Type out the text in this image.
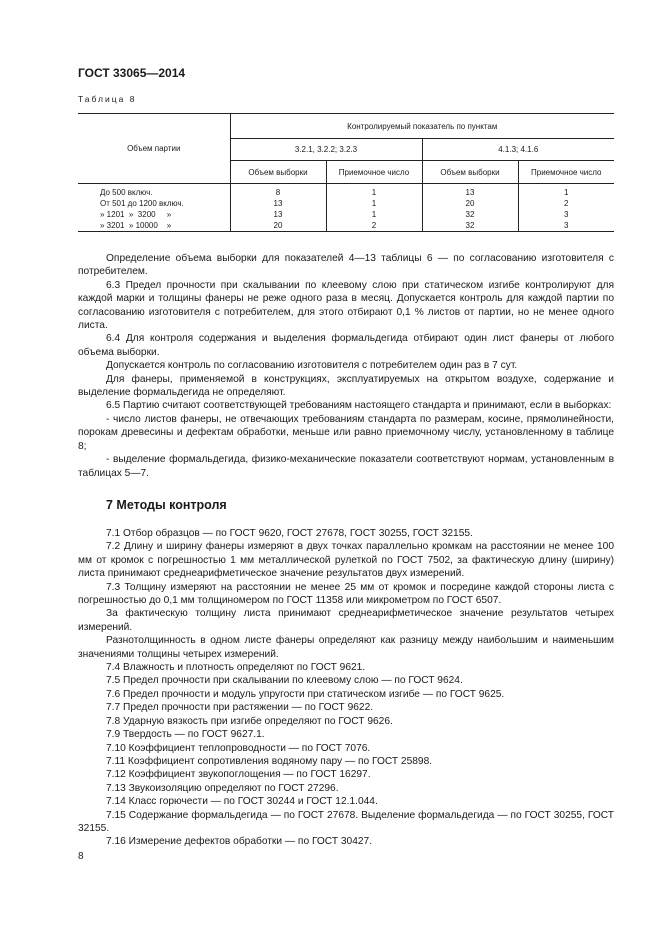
ГОСТ 33065—2014
Таблица 8
Объем партии	Контролируемый показатель по пунктам			
	3.2.1, 3.2.2; 3.2.3		4.1.3; 4.1.6	
	Объем выборки	Приемочное число	Объем выборки	Приемочное число

До 500 включ.	8	1	13	1
От 501 до 1200 включ.	13	1	20	2
» 1201  »  3200     »	13	1	32	3
» 3201  » 10000    »	20	2	32	3

Определение объема выборки для показателей 4—13 таблицы 6 — по согласованию изготовителя с потребителем.

6.3 Предел прочности при скалывании по клеевому слою при статическом изгибе контролируют для каждой марки и толщины фанеры не реже одного раза в месяц. Допускается контроль для каждой партии по согласованию изготовителя с потребителем, для этого отбирают 0,1 % листов от партии, но не менее одного листа.

6.4 Для контроля содержания и выделения формальдегида отбирают один лист фанеры от любого объема выборки.

Допускается контроль по согласованию изготовителя с потребителем один раз в 7 сут.

Для фанеры, применяемой в конструкциях, эксплуатируемых на открытом воздухе, содержание и выделение формальдегида не определяют.

6.5 Партию считают соответствующей требованиям настоящего стандарта и принимают, если в выборках:

- число листов фанеры, не отвечающих требованиям стандарта по размерам, косине, прямолинейности, порокам древесины и дефектам обработки, меньше или равно приемочному числу, установленному в таблице 8;

- выделение формальдегида, физико-механические показатели соответствуют нормам, установленным в таблицах 5—7.

7 Методы контроля

7.1 Отбор образцов — по ГОСТ 9620, ГОСТ 27678, ГОСТ 30255, ГОСТ 32155.

7.2 Длину и ширину фанеры измеряют в двух точках параллельно кромкам на расстоянии не менее 100 мм от кромок с погрешностью 1 мм металлической рулеткой по ГОСТ 7502, за фактическую длину (ширину) листа принимают среднеарифметическое значение результатов двух измерений.

7.3 Толщину измеряют на расстоянии не менее 25 мм от кромок и посредине каждой стороны листа с погрешностью до 0,1 мм толщиномером по ГОСТ 11358 или микрометром по ГОСТ 6507.

За фактическую толщину листа принимают среднеарифметическое значение результатов четырех измерений.

Разнотолщинность в одном листе фанеры определяют как разницу между наибольшим и наименьшим значениями толщины четырех измерений.

7.4 Влажность и плотность определяют по ГОСТ 9621.

7.5 Предел прочности при скалывании по клеевому слою — по ГОСТ 9624.

7.6 Предел прочности и модуль упругости при статическом изгибе — по ГОСТ 9625.

7.7 Предел прочности при растяжении — по ГОСТ 9622.

7.8 Ударную вязкость при изгибе определяют по ГОСТ 9626.

7.9 Твердость — по ГОСТ 9627.1.

7.10 Коэффициент теплопроводности — по ГОСТ 7076.

7.11 Коэффициент сопротивления водяному пару — по ГОСТ 25898.

7.12 Коэффициент звукопоглощения — по ГОСТ 16297.

7.13 Звукоизоляцию определяют по ГОСТ 27296.

7.14 Класс горючести — по ГОСТ 30244 и ГОСТ 12.1.044.

7.15 Содержание формальдегида — по ГОСТ 27678. Выделение формальдегида — по ГОСТ 30255, ГОСТ 32155.

7.16 Измерение дефектов обработки — по ГОСТ 30427.

8
